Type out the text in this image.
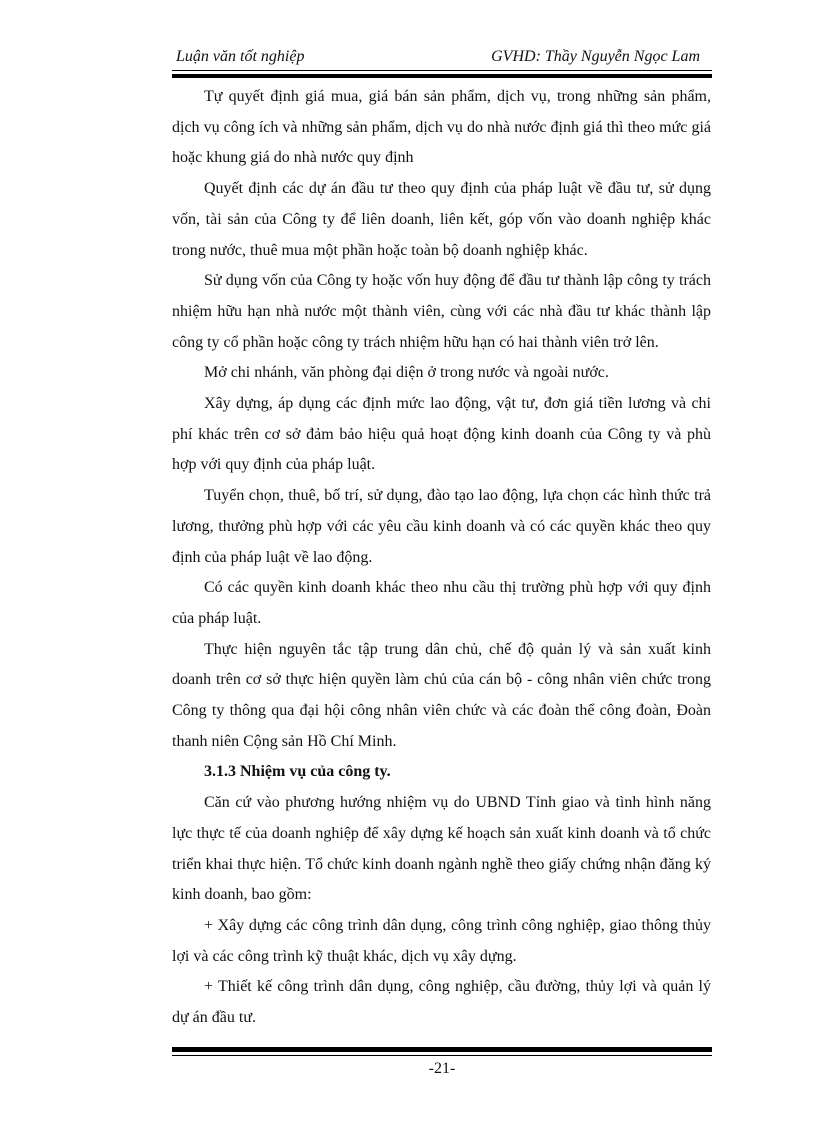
Luận văn tốt nghiệp	GVHD: Thầy Nguyễn Ngọc Lam

Tự quyết định giá mua, giá bán sản phẩm, dịch vụ, trong những sản phẩm, dịch vụ công ích và những sản phẩm, dịch vụ do nhà nước định giá thì theo mức giá hoặc khung giá do nhà nước quy định

Quyết định các dự án đầu tư theo quy định của pháp luật về đầu tư, sử dụng vốn, tài sản của Công ty để liên doanh, liên kết, góp vốn vào doanh nghiệp khác trong nước, thuê mua một phần hoặc toàn bộ doanh nghiệp khác.

Sử dụng vốn của Công ty hoặc vốn huy động để đầu tư thành lập công ty trách nhiệm hữu hạn nhà nước một thành viên, cùng với các nhà đầu tư khác thành lập công ty cổ phần hoặc công ty trách nhiệm hữu hạn có hai thành viên trở lên.

Mở chi nhánh, văn phòng đại diện ở trong nước và ngoài nước.

Xây dựng, áp dụng các định mức lao động, vật tư, đơn giá tiền lương và chi phí khác trên cơ sở đảm bảo hiệu quả hoạt động kinh doanh của Công ty và phù hợp với quy định của pháp luật.

Tuyển chọn, thuê, bố trí, sử dụng, đào tạo lao động, lựa chọn các hình thức trả lương, thưởng phù hợp với các yêu cầu kinh doanh và có các quyền khác theo quy định của pháp luật về lao động.

Có các quyền kinh doanh khác theo nhu cầu thị trường phù hợp với quy định của pháp luật.

Thực hiện nguyên tắc tập trung dân chủ, chế độ quản lý và sản xuất kinh doanh trên cơ sở thực hiện quyền làm chủ của cán bộ - công nhân viên chức trong Công ty thông qua đại hội công nhân viên chức và các đoàn thể công đoàn, Đoàn thanh niên Cộng sản Hồ Chí Minh.

3.1.3 Nhiệm vụ của công ty.

Căn cứ vào phương hướng nhiệm vụ do UBND Tỉnh giao và tình hình năng lực thực tế của doanh nghiệp để xây dựng kế hoạch sản xuất kinh doanh và tổ chức triển khai thực hiện. Tổ chức kinh doanh ngành nghề theo giấy chứng nhận đăng ký kinh doanh, bao gồm:

+ Xây dựng các công trình dân dụng, công trình công nghiệp, giao thông thủy lợi và các công trình kỹ thuật khác, dịch vụ xây dựng.

+ Thiết kế công trình dân dụng, công nghiệp, cầu đường, thủy lợi và quản lý dự án đầu tư.

-21-
